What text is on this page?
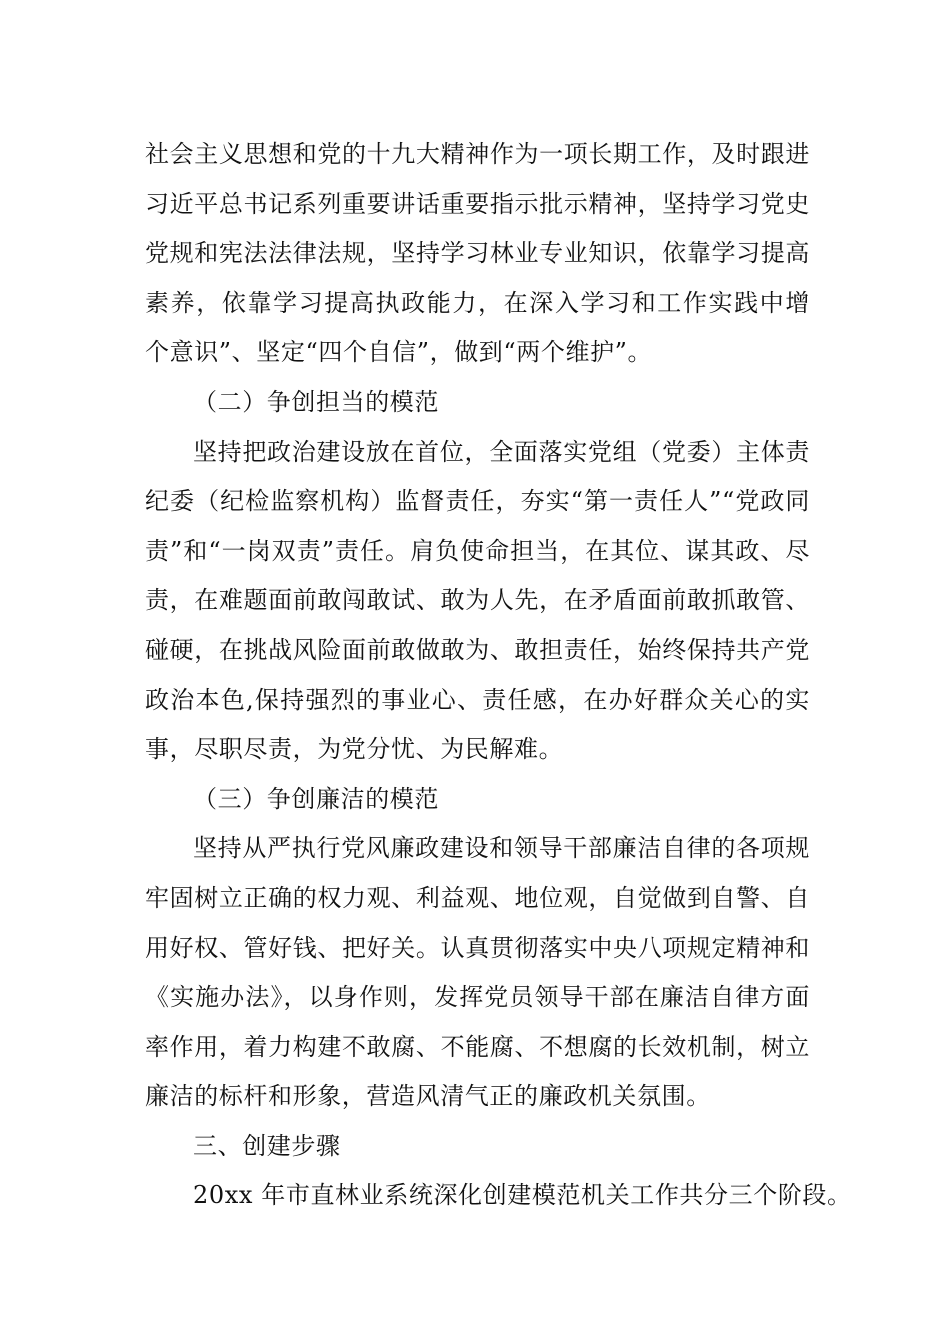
社会主义思想和党的十九大精神作为一项长期工作，及时跟进
习近平总书记系列重要讲话重要指示批示精神，坚持学习党史
党规和宪法法律法规，坚持学习林业专业知识，依靠学习提高
素养，依靠学习提高执政能力，在深入学习和工作实践中增
个意识”、坚定“四个自信”，做到“两个维护”。
（二）争创担当的模范
坚持把政治建设放在首位，全面落实党组（党委）主体责
纪委（纪检监察机构）监督责任，夯实“第一责任人”“党政同
责”和“一岗双责”责任。肩负使命担当，在其位、谋其政、尽
责，在难题面前敢闯敢试、敢为人先，在矛盾面前敢抓敢管、
碰硬，在挑战风险面前敢做敢为、敢担责任，始终保持共产党
政治本色,保持强烈的事业心、责任感，在办好群众关心的实
事，尽职尽责，为党分忧、为民解难。
（三）争创廉洁的模范
坚持从严执行党风廉政建设和领导干部廉洁自律的各项规
牢固树立正确的权力观、利益观、地位观，自觉做到自警、自
用好权、管好钱、把好关。认真贯彻落实中央八项规定精神和
《实施办法》，以身作则，发挥党员领导干部在廉洁自律方面
率作用，着力构建不敢腐、不能腐、不想腐的长效机制，树立
廉洁的标杆和形象，营造风清气正的廉政机关氛围。
三、创建步骤
20xx 年市直林业系统深化创建模范机关工作共分三个阶段。
